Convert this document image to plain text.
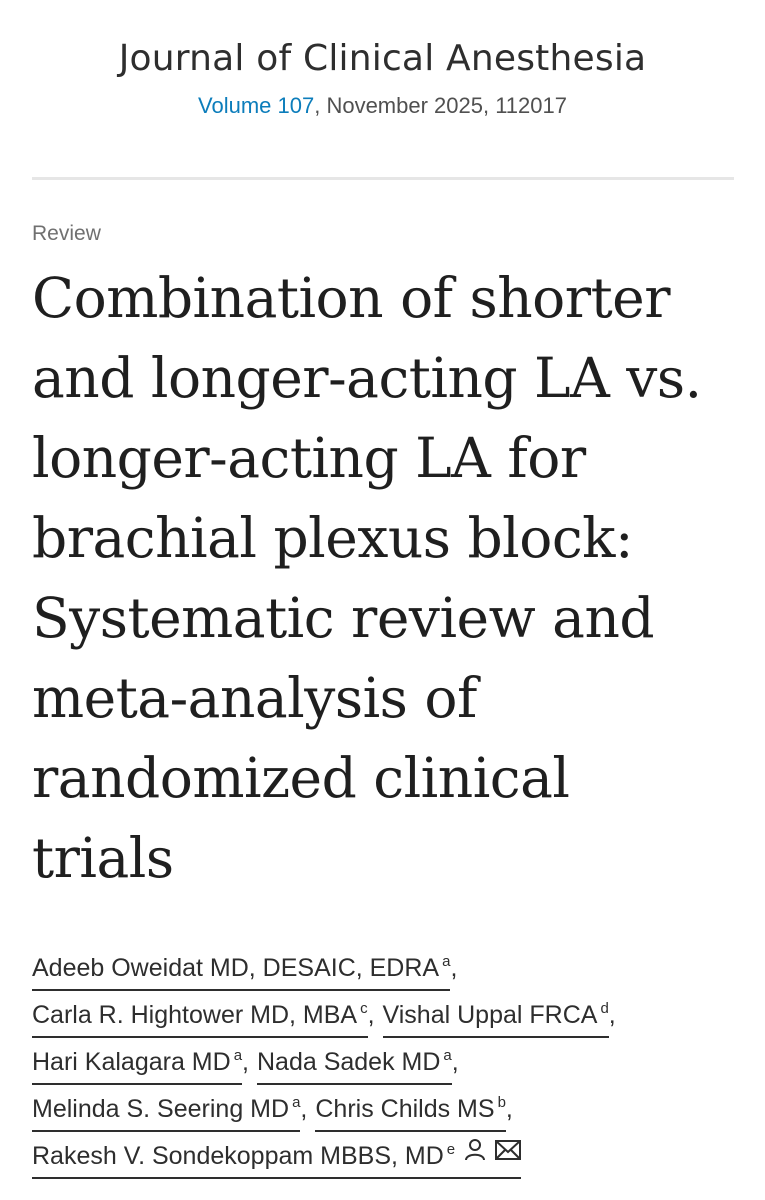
Journal of Clinical Anesthesia
Volume 107, November 2025, 112017
Review
Combination of shorter
and longer-acting LA vs.
longer-acting LA for
brachial plexus block:
Systematic review and
meta-analysis of
randomized clinical
trials
Adeeb Oweidat MD, DESAIC, EDRA $^a$,
Carla R. Hightower MD, MBA $^c$, Vishal Uppal FRCA $^d$,
Hari Kalagara MD $^a$, Nada Sadek MD $^a$,
Melinda S. Seering MD $^a$, Chris Childs MS $^b$,
Rakesh V. Sondekoppam MBBS, MD $^e$
